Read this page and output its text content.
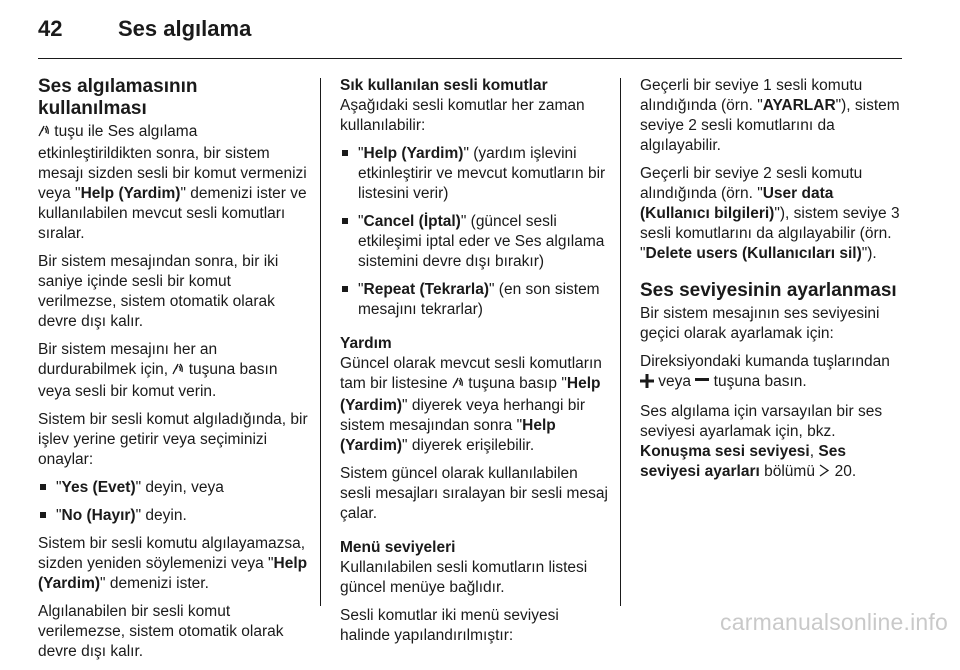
42	Ses algılama
Ses algılamasının kullanılması

tuşu ile Ses algılama etkinleştirildikten sonra, bir sistem mesajı sizden sesli bir komut vermenizi veya "Help (Yardim)" demenizi ister ve kullanılabilen mevcut sesli komutları sıralar.

Bir sistem mesajından sonra, bir iki saniye içinde sesli bir komut verilmezse, sistem otomatik olarak devre dışı kalır.

Bir sistem mesajını her an durdurabilmek için,  tuşuna basın veya sesli bir komut verin.

Sistem bir sesli komut algıladığında, bir işlev yerine getirir veya seçiminizi onaylar:

"Yes (Evet)" deyin, veya
"No (Hayır)" deyin.

Sistem bir sesli komutu algılayamazsa, sizden yeniden söylemenizi veya "Help (Yardim)" demenizi ister.

Algılanabilen bir sesli komut verilemezse, sistem otomatik olarak devre dışı kalır.

Sık kullanılan sesli komutlar

Aşağıdaki sesli komutlar her zaman kullanılabilir:

"Help (Yardim)" (yardım işlevini etkinleştirir ve mevcut komutların bir listesini verir)
"Cancel (İptal)" (güncel sesli etkileşimi iptal eder ve Ses algılama sistemini devre dışı bırakır)
"Repeat (Tekrarla)" (en son sistem mesajını tekrarlar)
Yardım

Güncel olarak mevcut sesli komutların tam bir listesine  tuşuna basıp "Help (Yardim)" diyerek veya herhangi bir sistem mesajından sonra "Help (Yardim)" diyerek erişilebilir.

Sistem güncel olarak kullanılabilen sesli mesajları sıralayan bir sesli mesaj çalar.

Menü seviyeleri

Kullanılabilen sesli komutların listesi güncel menüye bağlıdır.

Sesli komutlar iki menü seviyesi halinde yapılandırılmıştır:

Geçerli bir seviye 1 sesli komutu alındığında (örn. "AYARLAR"), sistem seviye 2 sesli komutlarını da algılayabilir.

Geçerli bir seviye 2 sesli komutu alındığında (örn. "User data (Kullanıcı bilgileri)"), sistem seviye 3 sesli komutlarını da algılayabilir (örn. "Delete users (Kullanıcıları sil)").

Ses seviyesinin ayarlanması

Bir sistem mesajının ses seviyesini geçici olarak ayarlamak için:

Direksiyondaki kumanda tuşlarından  veya  tuşuna basın.

Ses algılama için varsayılan bir ses seviyesi ayarlamak için, bkz.
Konuşma sesi seviyesi, Ses seviyesi ayarları bölümü  20.

carmanualsonline.info
